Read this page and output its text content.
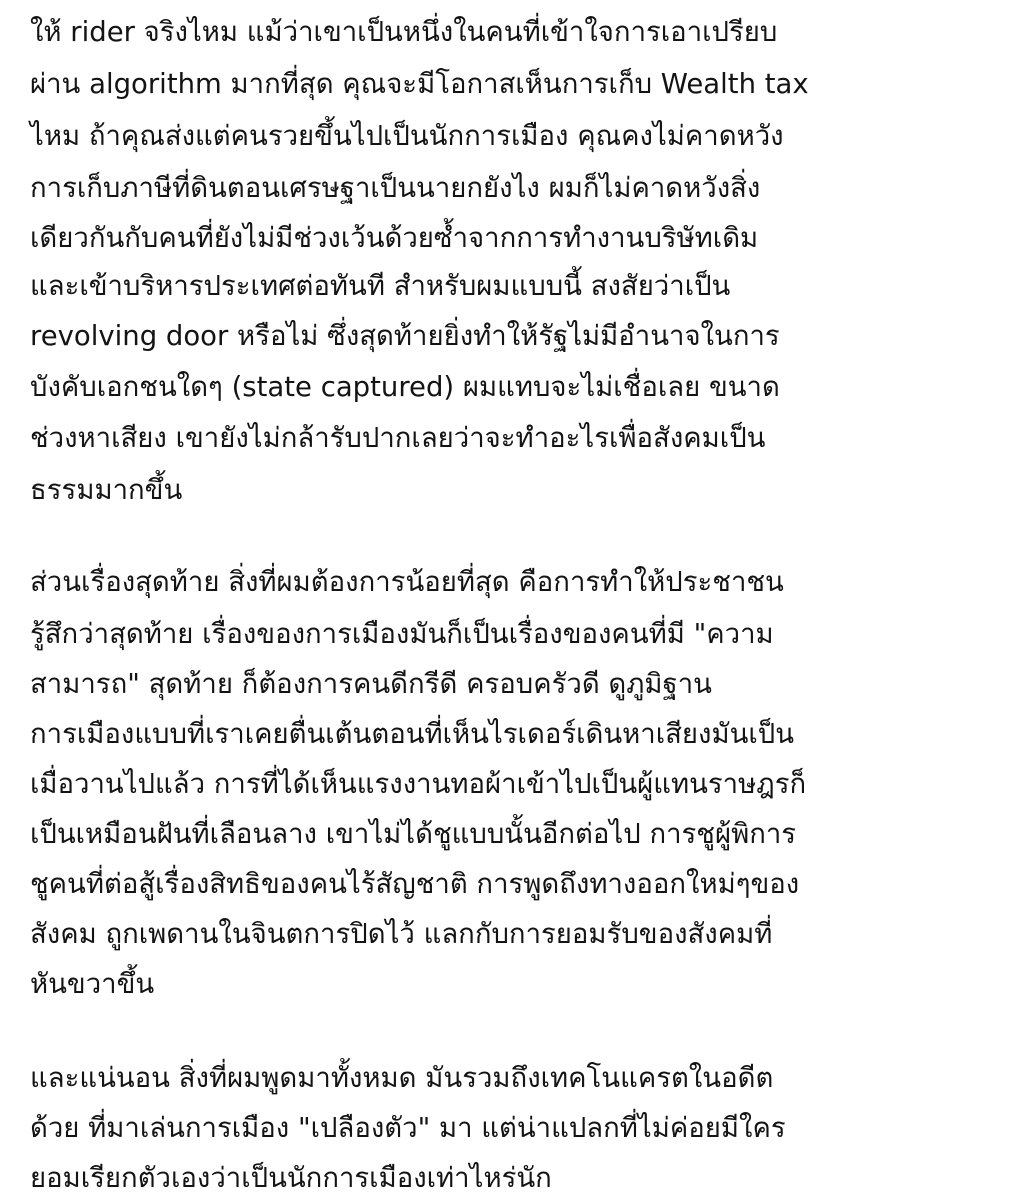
ให้ rider จริงไหม แม้ว่าเขาเป็นหนึ่งในคนที่เข้าใจการเอาเปรียบ
ผ่าน algorithm มากที่สุด คุณจะมีโอกาสเห็นการเก็บ Wealth tax
ไหม ถ้าคุณส่งแต่คนรวยขึ้นไปเป็นนักการเมือง คุณคงไม่คาดหวัง
การเก็บภาษีที่ดินตอนเศรษฐาเป็นนายกยังไง ผมก็ไม่คาดหวังสิ่ง
เดียวกันกับคนที่ยังไม่มีช่วงเว้นด้วยซ้ำจากการทำงานบริษัทเดิม
และเข้าบริหารประเทศต่อทันที สำหรับผมแบบนี้ สงสัยว่าเป็น
revolving door หรือไม่ ซึ่งสุดท้ายยิ่งทำให้รัฐไม่มีอำนาจในการ
บังคับเอกชนใดๆ (state captured) ผมแทบจะไม่เชื่อเลย ขนาด
ช่วงหาเสียง เขายังไม่กล้ารับปากเลยว่าจะทำอะไรเพื่อสังคมเป็น
ธรรมมากขึ้น
ส่วนเรื่องสุดท้าย สิ่งที่ผมต้องการน้อยที่สุด คือการทำให้ประชาชน
รู้สึกว่าสุดท้าย เรื่องของการเมืองมันก็เป็นเรื่องของคนที่มี "ความ
สามารถ" สุดท้าย ก็ต้องการคนดีกรีดี ครอบครัวดี ดูภูมิฐาน
การเมืองแบบที่เราเคยตื่นเต้นตอนที่เห็นไรเดอร์เดินหาเสียงมันเป็น
เมื่อวานไปแล้ว การที่ได้เห็นแรงงานทอผ้าเข้าไปเป็นผู้แทนราษฎรก็
เป็นเหมือนฝันที่เลือนลาง เขาไม่ได้ชูแบบนั้นอีกต่อไป การชูผู้พิการ
ชูคนที่ต่อสู้เรื่องสิทธิของคนไร้สัญชาติ การพูดถึงทางออกใหม่ๆของ
สังคม ถูกเพดานในจินตการปิดไว้ แลกกับการยอมรับของสังคมที่
หันขวาขึ้น
และแน่นอน สิ่งที่ผมพูดมาทั้งหมด มันรวมถึงเทคโนแครตในอดีต
ด้วย ที่มาเล่นการเมือง "เปลืองตัว" มา แต่น่าแปลกที่ไม่ค่อยมีใคร
ยอมเรียกตัวเองว่าเป็นนักการเมืองเท่าไหร่นัก
